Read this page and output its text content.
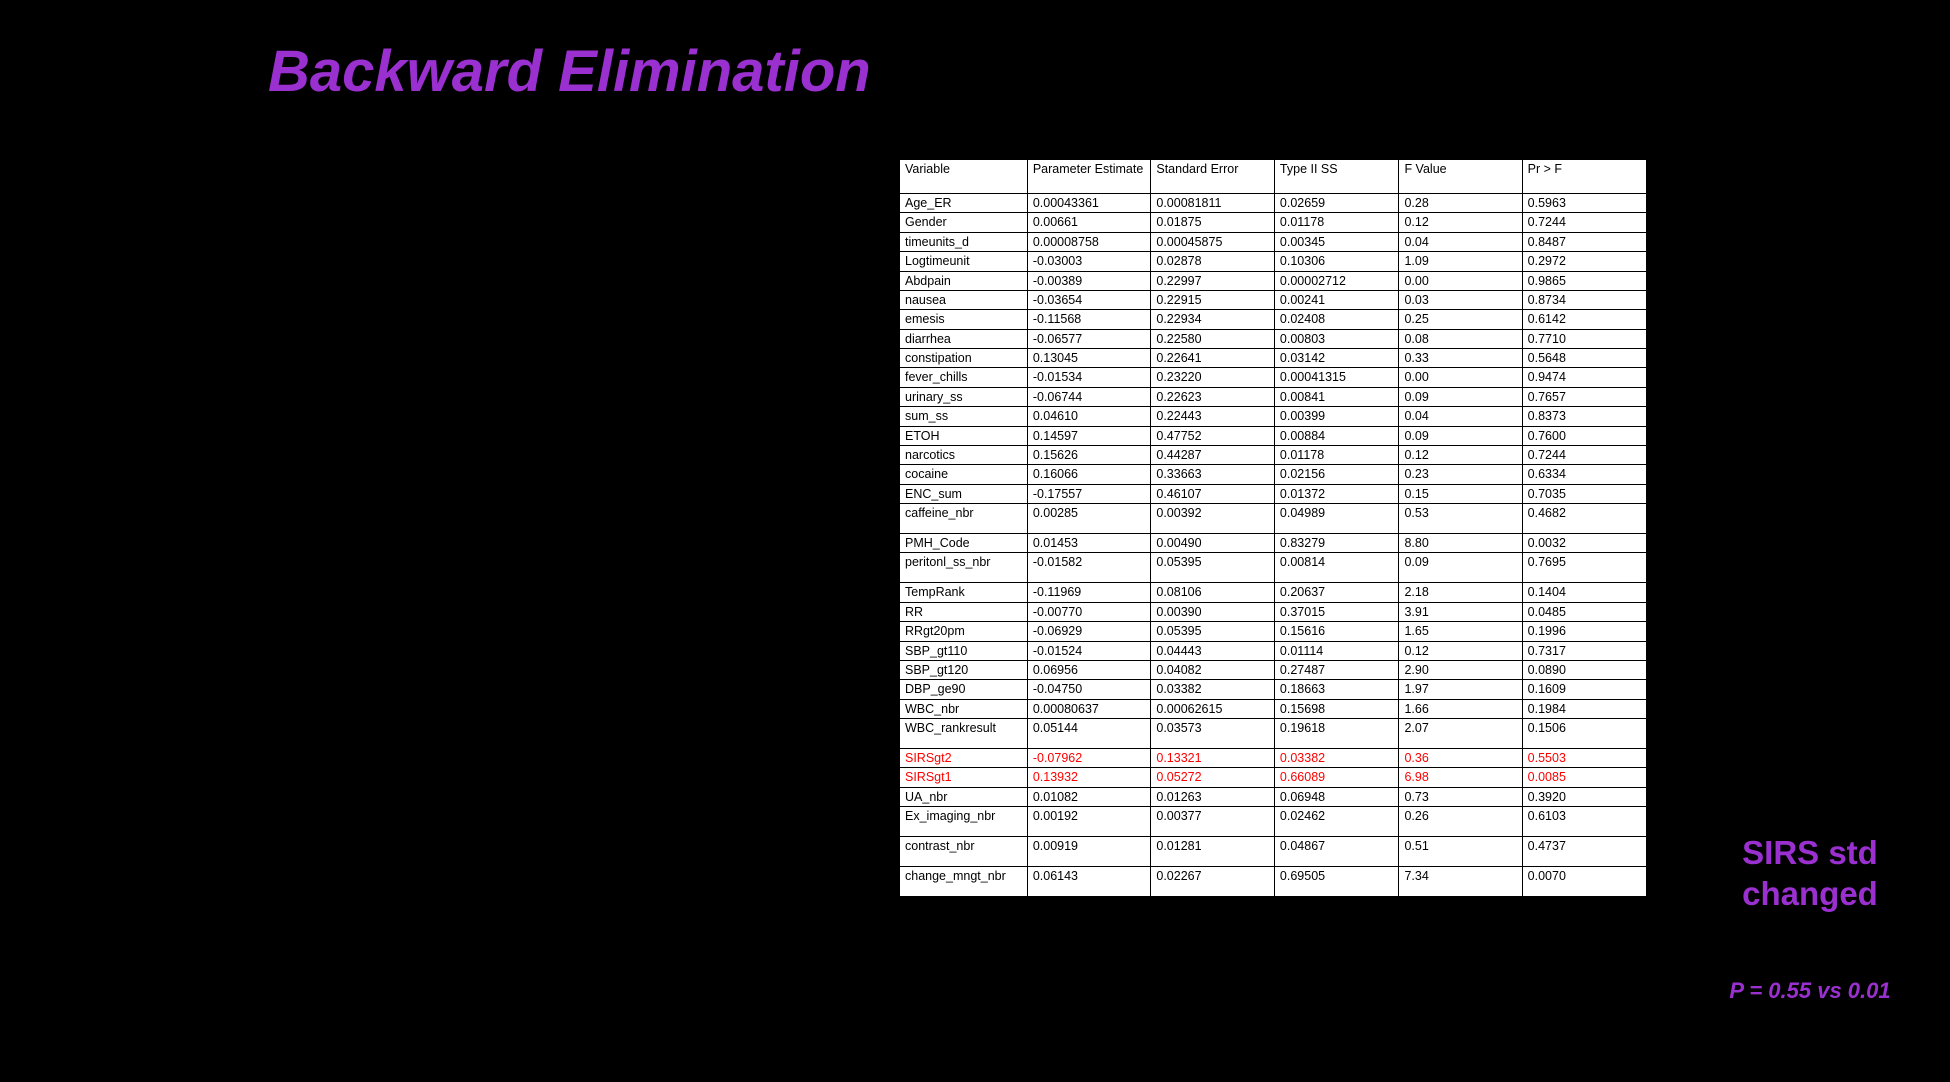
Backward Elimination
Variable	Parameter Estimate	Standard Error	Type II SS	F Value	Pr > F
Age_ER	0.00043361	0.00081811	0.02659	0.28	0.5963
Gender	0.00661	0.01875	0.01178	0.12	0.7244
timeunits_d	0.00008758	0.00045875	0.00345	0.04	0.8487
Logtimeunit	-0.03003	0.02878	0.10306	1.09	0.2972
Abdpain	-0.00389	0.22997	0.00002712	0.00	0.9865
nausea	-0.03654	0.22915	0.00241	0.03	0.8734
emesis	-0.11568	0.22934	0.02408	0.25	0.6142
diarrhea	-0.06577	0.22580	0.00803	0.08	0.7710
constipation	0.13045	0.22641	0.03142	0.33	0.5648
fever_chills	-0.01534	0.23220	0.00041315	0.00	0.9474
urinary_ss	-0.06744	0.22623	0.00841	0.09	0.7657
sum_ss	0.04610	0.22443	0.00399	0.04	0.8373
ETOH	0.14597	0.47752	0.00884	0.09	0.7600
narcotics	0.15626	0.44287	0.01178	0.12	0.7244
cocaine	0.16066	0.33663	0.02156	0.23	0.6334
ENC_sum	-0.17557	0.46107	0.01372	0.15	0.7035
caffeine_nbr	0.00285	0.00392	0.04989	0.53	0.4682
PMH_Code	0.01453	0.00490	0.83279	8.80	0.0032
peritonl_ss_nbr	-0.01582	0.05395	0.00814	0.09	0.7695
TempRank	-0.11969	0.08106	0.20637	2.18	0.1404
RR	-0.00770	0.00390	0.37015	3.91	0.0485
RRgt20pm	-0.06929	0.05395	0.15616	1.65	0.1996
SBP_gt110	-0.01524	0.04443	0.01114	0.12	0.7317
SBP_gt120	0.06956	0.04082	0.27487	2.90	0.0890
DBP_ge90	-0.04750	0.03382	0.18663	1.97	0.1609
WBC_nbr	0.00080637	0.00062615	0.15698	1.66	0.1984
WBC_rankresult	0.05144	0.03573	0.19618	2.07	0.1506
SIRSgt2	-0.07962	0.13321	0.03382	0.36	0.5503
SIRSgt1	0.13932	0.05272	0.66089	6.98	0.0085
UA_nbr	0.01082	0.01263	0.06948	0.73	0.3920
Ex_imaging_nbr	0.00192	0.00377	0.02462	0.26	0.6103
contrast_nbr	0.00919	0.01281	0.04867	0.51	0.4737
change_mngt_nbr	0.06143	0.02267	0.69505	7.34	0.0070
SIRS std changed
P = 0.55 vs 0.01
